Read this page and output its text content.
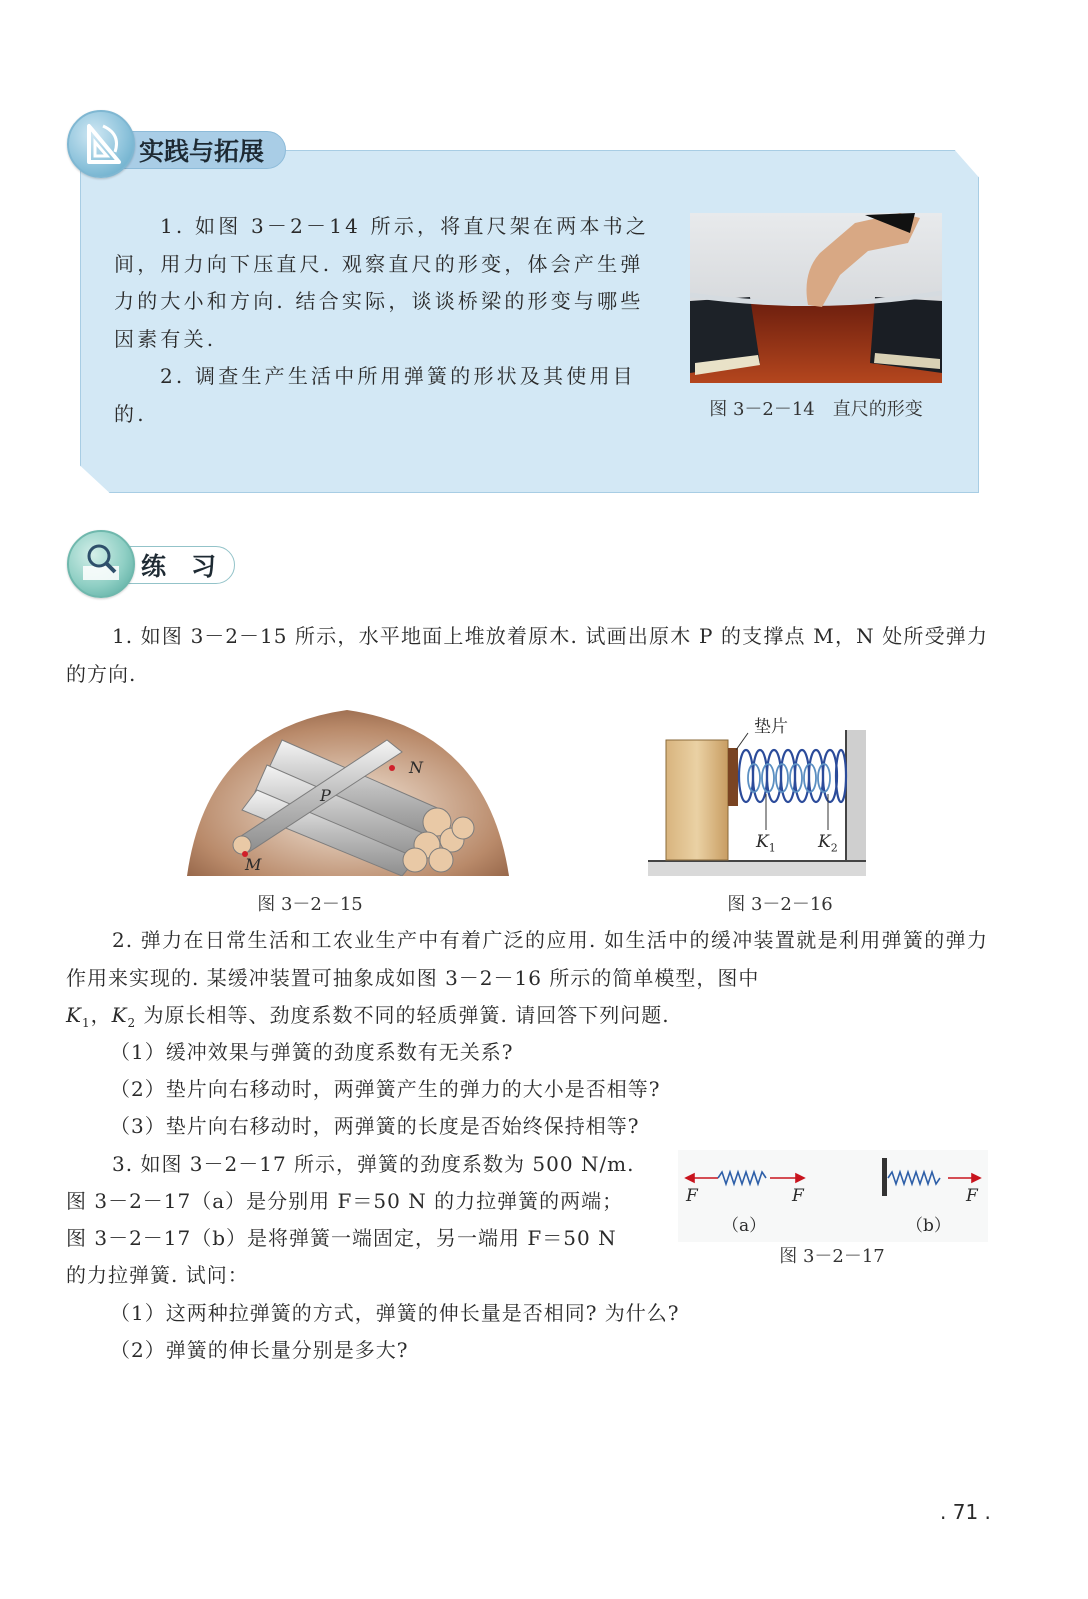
实践与拓展
1. 如图 3－2－14 所示，将直尺架在两本书之间，用力向下压直尺. 观察直尺的形变，体会产生弹力的大小和方向. 结合实际，谈谈桥梁的形变与哪些因素有关.
2. 调查生产生活中所用弹簧的形状及其使用目的.	图 3－2－14　直尺的形变
练　习
1. 如图 3－2－15 所示，水平地面上堆放着原木. 试画出原木 P 的支撑点 M，N 处所受弹力的方向.
N
P
M
图 3－2－15
垫片
$K_1$ $K_2$
图 3－2－16
2. 弹力在日常生活和工农业生产中有着广泛的应用. 如生活中的缓冲装置就是利用弹簧的弹力作用来实现的. 某缓冲装置可抽象成如图 3－2－16 所示的简单模型，图中
$K_1$，$K_2$ 为原长相等、劲度系数不同的轻质弹簧. 请回答下列问题.
（1）缓冲效果与弹簧的劲度系数有无关系?
（2）垫片向右移动时，两弹簧产生的弹力的大小是否相等?
（3）垫片向右移动时，两弹簧的长度是否始终保持相等?
3. 如图 3－2－17 所示，弹簧的劲度系数为 500 N/m.
图 3－2－17（a）是分别用 F＝50 N 的力拉弹簧的两端；
图 3－2－17（b）是将弹簧一端固定，另一端用 F＝50 N
的力拉弹簧. 试问：
（1）这两种拉弹簧的方式，弹簧的伸长量是否相同? 为什么?
（2）弹簧的伸长量分别是多大?
F	F
（a）
F
（b）
图 3－2－17
. 71 .
